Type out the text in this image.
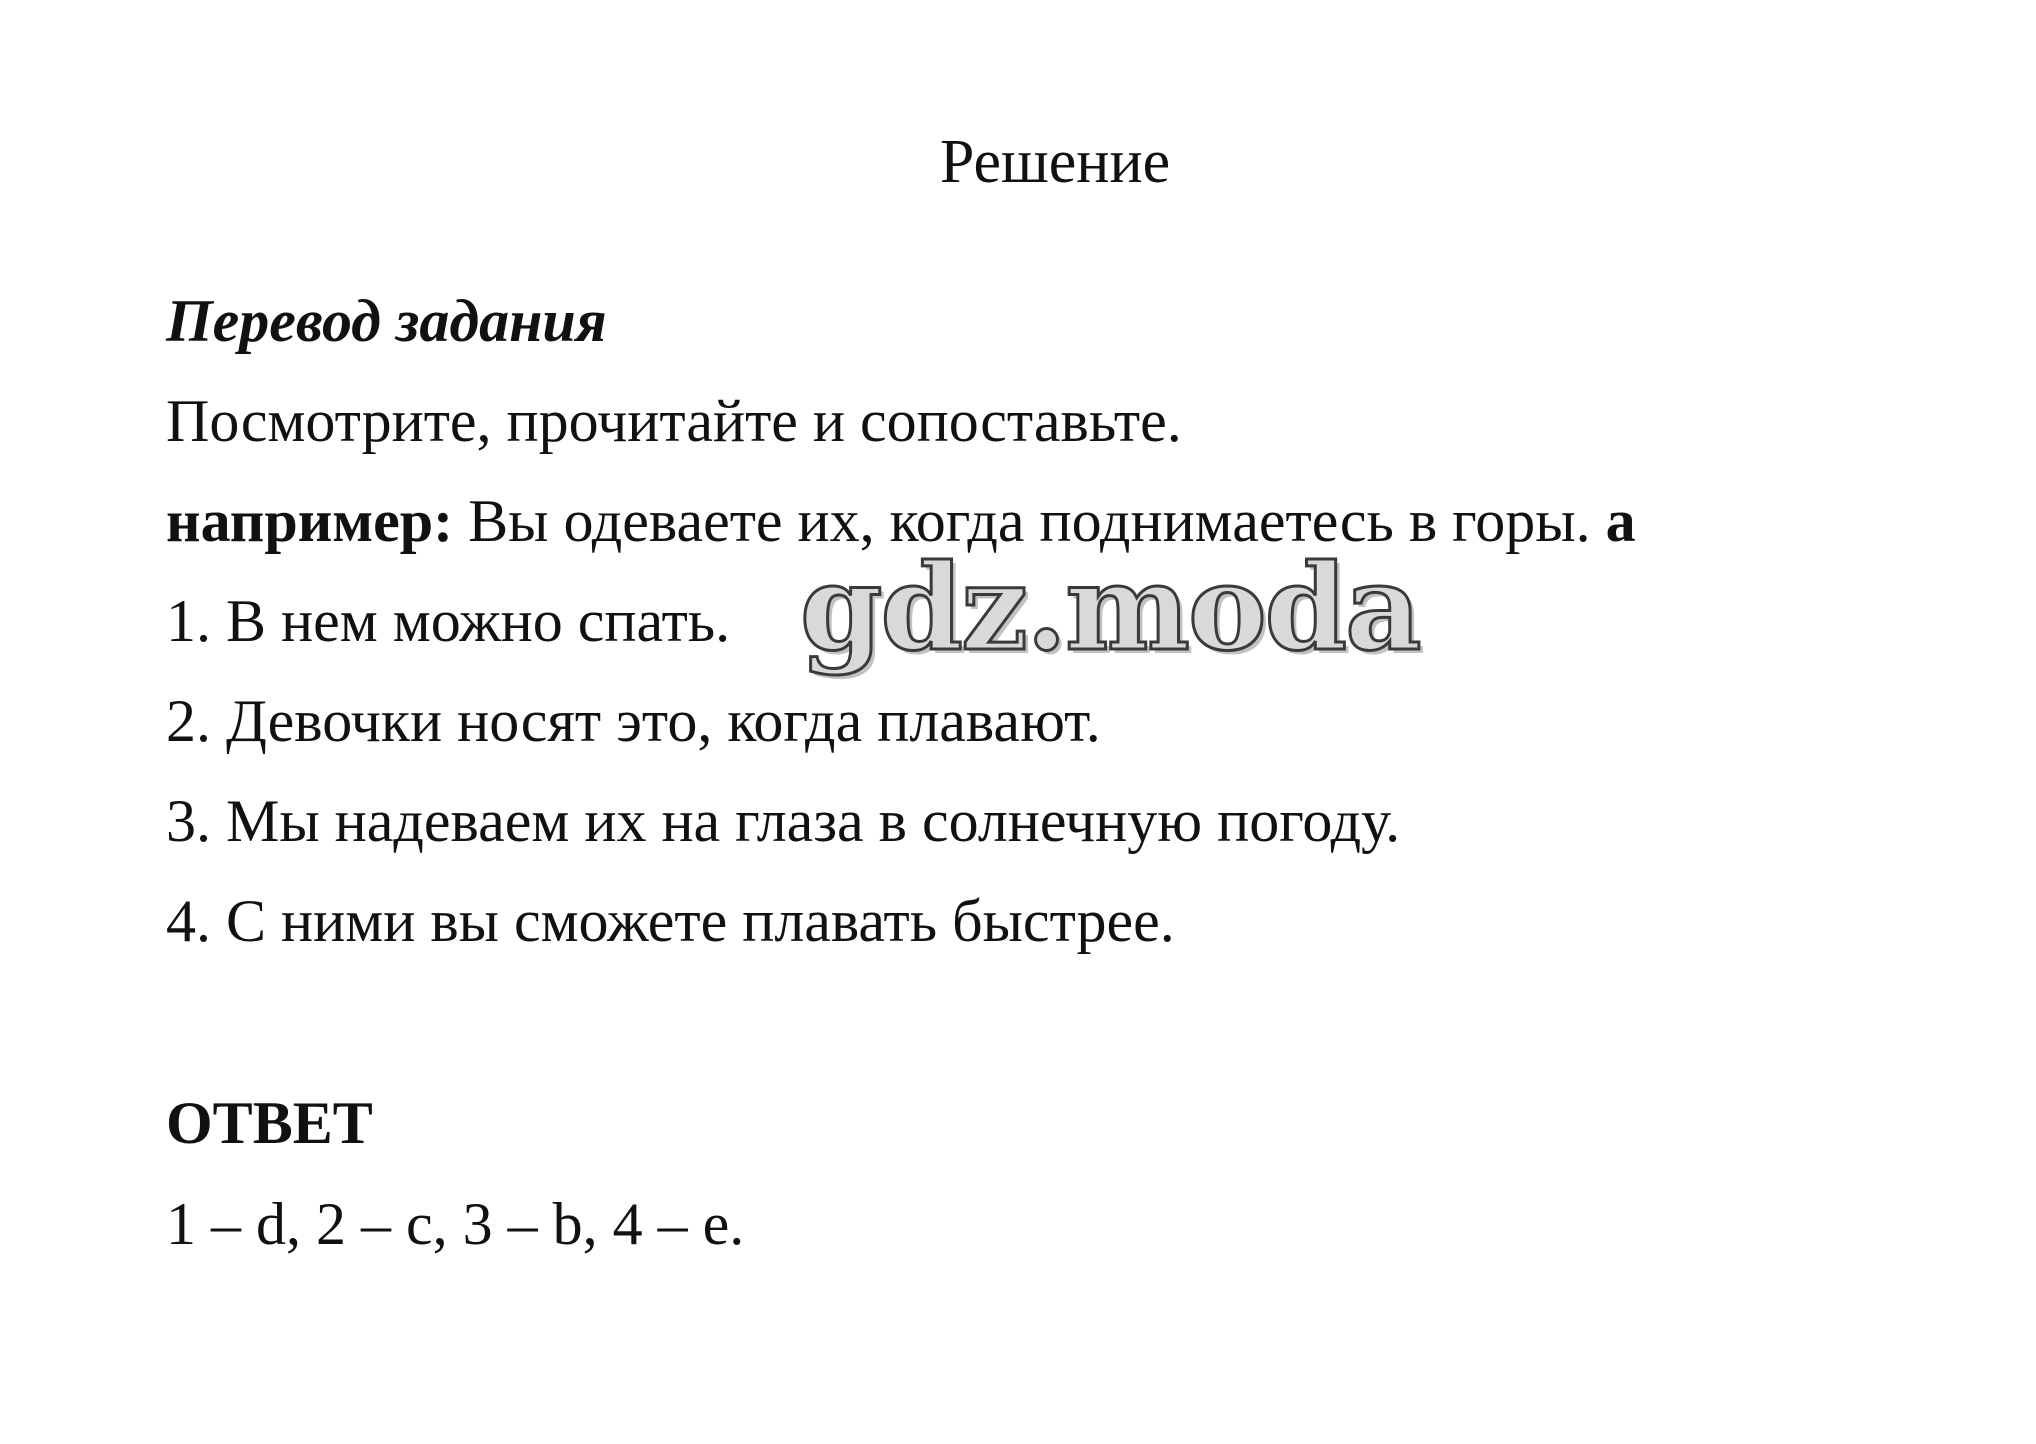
Решение

Перевод задания

Посмотрите, прочитайте и сопоставьте.

например: Вы одеваете их, когда поднимаетесь в горы. a

1. В нем можно спать.

2. Девочки носят это, когда плавают.

3. Мы надеваем их на глаза в солнечную погоду.

4. С ними вы сможете плавать быстрее.

ОТВЕТ

1 – d, 2 – c, 3 – b, 4 – e.

gdz.moda
